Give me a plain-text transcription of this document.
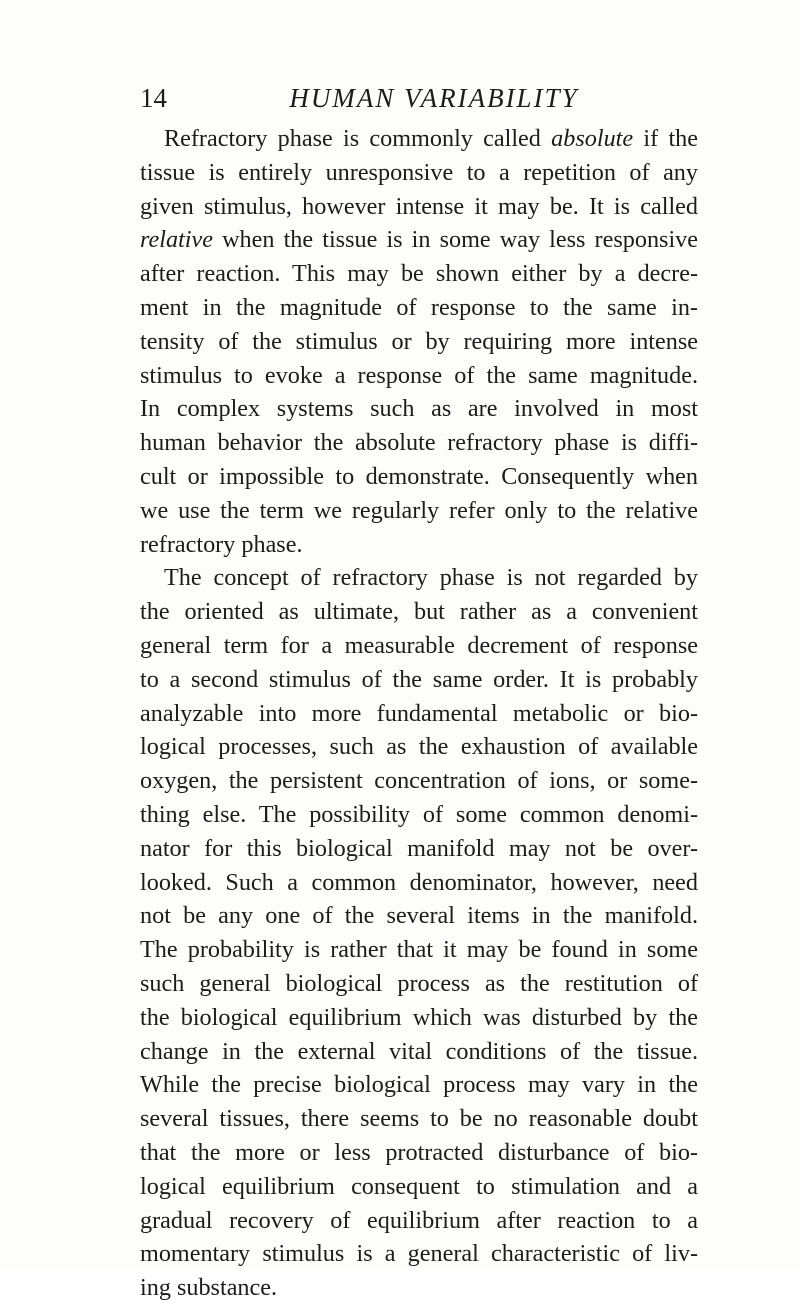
14	HUMAN VARIABILITY
Refractory phase is commonly called absolute if the
tissue is entirely unresponsive to a repetition of any
given stimulus, however intense it may be. It is called
relative when the tissue is in some way less responsive
after reaction. This may be shown either by a decre-
ment in the magnitude of response to the same in-
tensity of the stimulus or by requiring more intense
stimulus to evoke a response of the same magnitude.
In complex systems such as are involved in most
human behavior the absolute refractory phase is diffi-
cult or impossible to demonstrate. Consequently when
we use the term we regularly refer only to the relative
refractory phase.
The concept of refractory phase is not regarded by
the oriented as ultimate, but rather as a convenient
general term for a measurable decrement of response
to a second stimulus of the same order. It is probably
analyzable into more fundamental metabolic or bio-
logical processes, such as the exhaustion of available
oxygen, the persistent concentration of ions, or some-
thing else. The possibility of some common denomi-
nator for this biological manifold may not be over-
looked. Such a common denominator, however, need
not be any one of the several items in the manifold.
The probability is rather that it may be found in some
such general biological process as the restitution of
the biological equilibrium which was disturbed by the
change in the external vital conditions of the tissue.
While the precise biological process may vary in the
several tissues, there seems to be no reasonable doubt
that the more or less protracted disturbance of bio-
logical equilibrium consequent to stimulation and a
gradual recovery of equilibrium after reaction to a
momentary stimulus is a general characteristic of liv-
ing substance.
